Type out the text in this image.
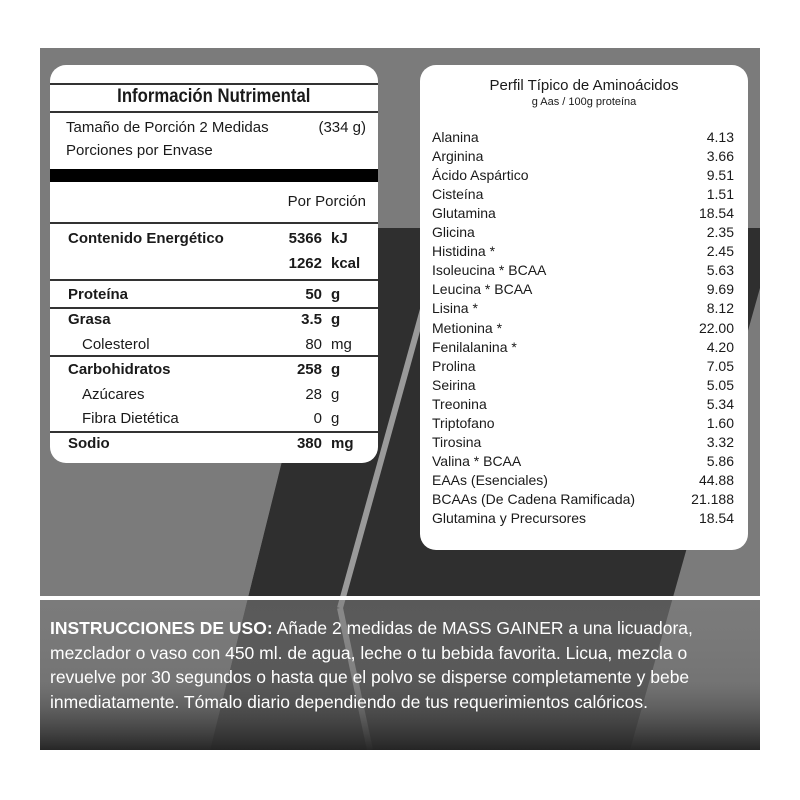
Información Nutrimental
Tamaño de Porción 2 Medidas	(334 g)
Porciones por Envase
Por Porción
Contenido Energético	5366 kJ
1262 kcal
Proteína	50 g
Grasa	3.5 g
Colesterol	80 mg
Carbohidratos	258 g
Azúcares	28 g
Fibra Dietética	0 g
Sodio	380 mg
Perfil Típico de Aminoácidos
g Aas / 100g proteína
Alanina	4.13
Arginina	3.66
Ácido Aspártico	9.51
Cisteína	1.51
Glutamina	18.54
Glicina	2.35
Histidina *	2.45
Isoleucina * BCAA	5.63
Leucina * BCAA	9.69
Lisina *	8.12
Metionina *	22.00
Fenilalanina *	4.20
Prolina	7.05
Seirina	5.05
Treonina	5.34
Triptofano	1.60
Tirosina	3.32
Valina * BCAA	5.86
EAAs (Esenciales)	44.88
BCAAs (De Cadena Ramificada)	21.188
Glutamina y Precursores	18.54
INSTRUCCIONES DE USO: Añade 2 medidas de MASS GAINER a una licuadora, mezclador o vaso con 450 ml. de agua, leche o tu bebida favorita. Licua, mezcla o revuelve por 30 segundos o hasta que el polvo se disperse completamente y bebe inmediatamente. Tómalo diario dependiendo de tus requerimientos calóricos.
